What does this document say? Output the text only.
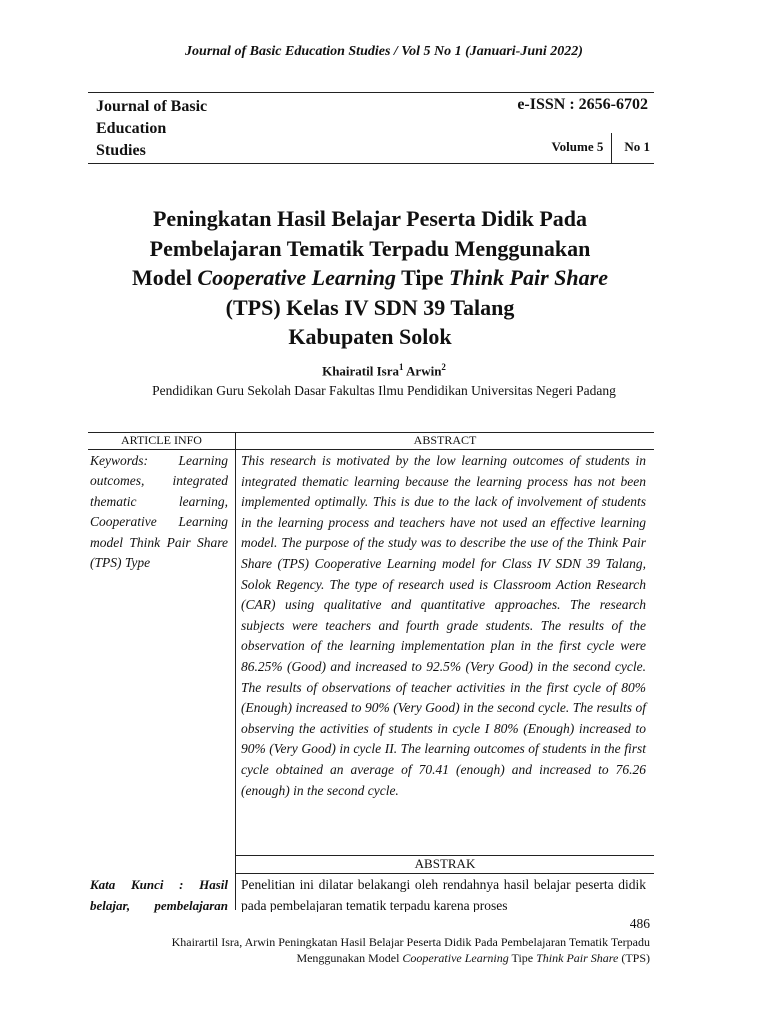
Journal of Basic Education Studies / Vol 5 No 1 (Januari-Juni 2022)
Journal of Basic
Education
Studies
e-ISSN : 2656-6702
Volume 5	No 1
Peningkatan Hasil Belajar Peserta Didik Pada
Pembelajaran Tematik Terpadu Menggunakan
Model Cooperative Learning Tipe Think Pair Share
(TPS) Kelas IV SDN 39 Talang
Kabupaten Solok
Khairatil Isra$^1$ Arwin$^2$
Pendidikan Guru Sekolah Dasar Fakultas Ilmu Pendidikan Universitas Negeri Padang
ARTICLE INFO	ABSTRACT
ABSTRAK
Keywords: Learning outcomes, integrated thematic learning, Cooperative Learning model Think Pair Share (TPS) Type
This research is motivated by the low learning outcomes of students in integrated thematic learning because the learning process has not been implemented optimally. This is due to the lack of involvement of students in the learning process and teachers have not used an effective learning model. The purpose of the study was to describe the use of the Think Pair Share (TPS) Cooperative Learning model for Class IV SDN 39 Talang, Solok Regency. The type of research used is Classroom Action Research (CAR) using qualitative and quantitative approaches. The research subjects were teachers and fourth grade students. The results of the observation of the learning implementation plan in the first cycle were 86.25% (Good) and increased to 92.5% (Very Good) in the second cycle. The results of observations of teacher activities in the first cycle of 80% (Enough) increased to 90% (Very Good) in the second cycle. The results of observing the activities of students in cycle I 80% (Enough) increased to 90% (Very Good) in cycle II. The learning outcomes of students in the first cycle obtained an average of 70.41 (enough) and increased to 76.26 (enough) in the second cycle.
Kata Kunci : Hasil belajar, pembelajaran
Penelitian ini dilatar belakangi oleh rendahnya hasil belajar peserta didik pada pembelajaran tematik terpadu karena proses
486
Khairartil Isra, Arwin Peningkatan Hasil Belajar Peserta Didik Pada Pembelajaran Tematik Terpadu
Menggunakan Model Cooperative Learning Tipe Think Pair Share (TPS)
